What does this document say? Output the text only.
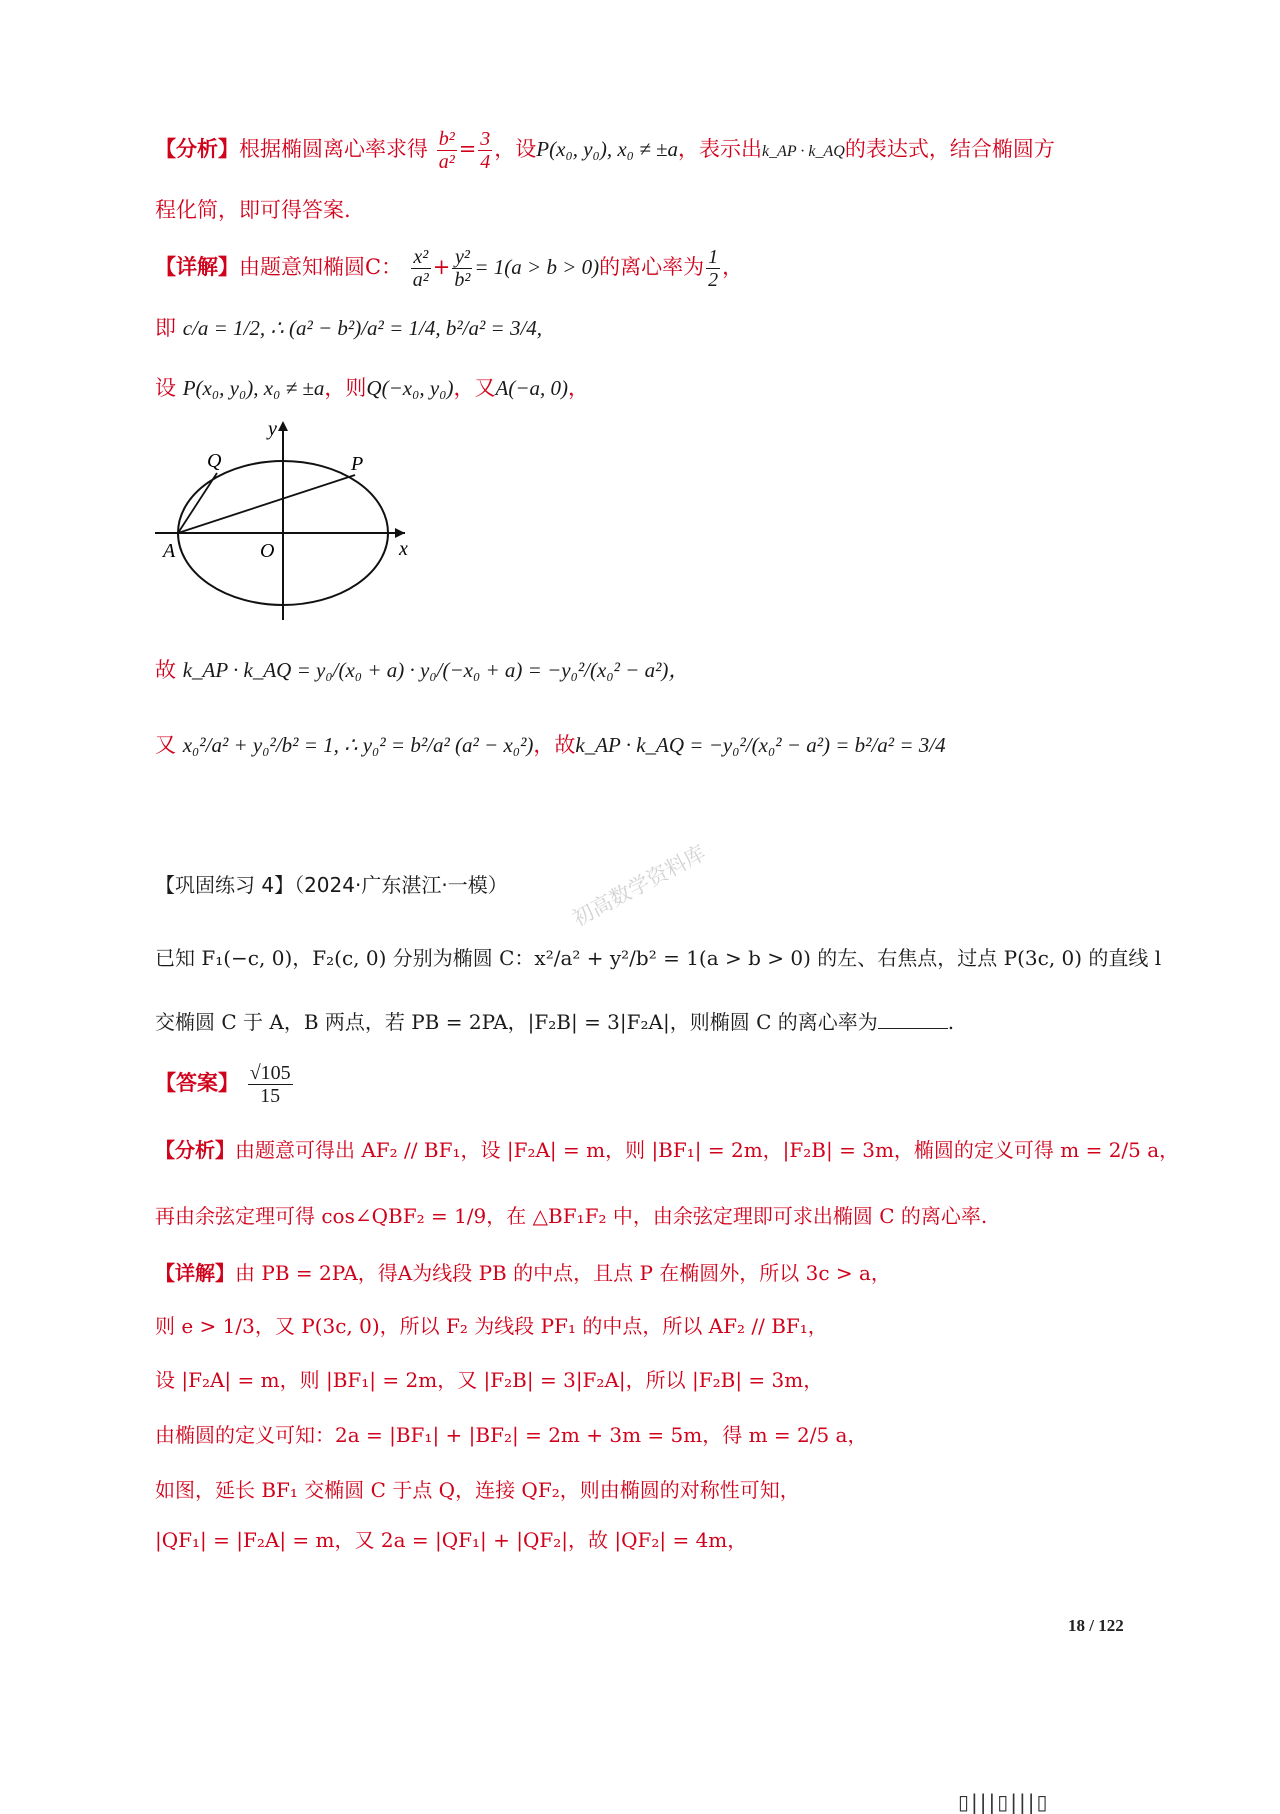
【分析】根据椭圆离心率求得 $\frac{\text{b²}}{\text{a²}} = \frac{3}{4}$ ，设P(x₀, y₀), x₀ ≠ ±a，表示出k_AP · k_AQ的表达式，结合椭圆方
程化简，即可得答案.
【详解】由题意知椭圆C： $\frac{\text{x²}}{\text{a²}} + \frac{\text{y²}}{\text{b²}} = 1(a > b > 0)$的离心率为 $\frac{1}{2}$ ，
即 c/a = 1/2, ∴ (a² − b²)/a² = 1/4, b²/a² = 3/4,
设 P(x₀, y₀), x₀ ≠ ±a，则Q(−x₀, y₀)，又A(−a, 0)，
y
x
P
Q
A	O
故 k_AP · k_AQ = y₀/(x₀ + a) · y₀/(−x₀ + a) = −y₀²/(x₀² − a²)，
又 x₀²/a² + y₀²/b² = 1, ∴ y₀² = b²/a² (a² − x₀²)，故k_AP · k_AQ = −y₀²/(x₀² − a²) = b²/a² = 3/4
【巩固练习 4】（2024·广东湛江·一模）	初高数学资料库
已知 F₁(−c, 0)，F₂(c, 0) 分别为椭圆 C：x²/a² + y²/b² = 1(a > b > 0) 的左、右焦点，过点 P(3c, 0) 的直线 l
交椭圆 C 于 A，B 两点，若 PB = 2PA，|F₂B| = 3|F₂A|，则椭圆 C 的离心率为	.
【答案】 $\frac{√105}{15}$
【分析】由题意可得出 AF₂ // BF₁，设 |F₂A| = m，则 |BF₁| = 2m，|F₂B| = 3m，椭圆的定义可得 m = 2/5 a，
再由余弦定理可得 cos∠QBF₂ = 1/9，在 △BF₁F₂ 中，由余弦定理即可求出椭圆 C 的离心率.
【详解】由 PB = 2PA，得A为线段 PB 的中点，且点 P 在椭圆外，所以 3c > a，
则 e > 1/3，又 P(3c, 0)，所以 F₂ 为线段 PF₁ 的中点，所以 AF₂ // BF₁，
设 |F₂A| = m，则 |BF₁| = 2m，又 |F₂B| = 3|F₂A|，所以 |F₂B| = 3m，
由椭圆的定义可知：2a = |BF₁| + |BF₂| = 2m + 3m = 5m，得 m = 2/5 a，
如图，延长 BF₁ 交椭圆 C 于点 Q，连接 QF₂，则由椭圆的对称性可知，
|QF₁| = |F₂A| = m，又 2a = |QF₁| + |QF₂|，故 |QF₂| = 4m，
18 / 122
▯|||▯|||▯
